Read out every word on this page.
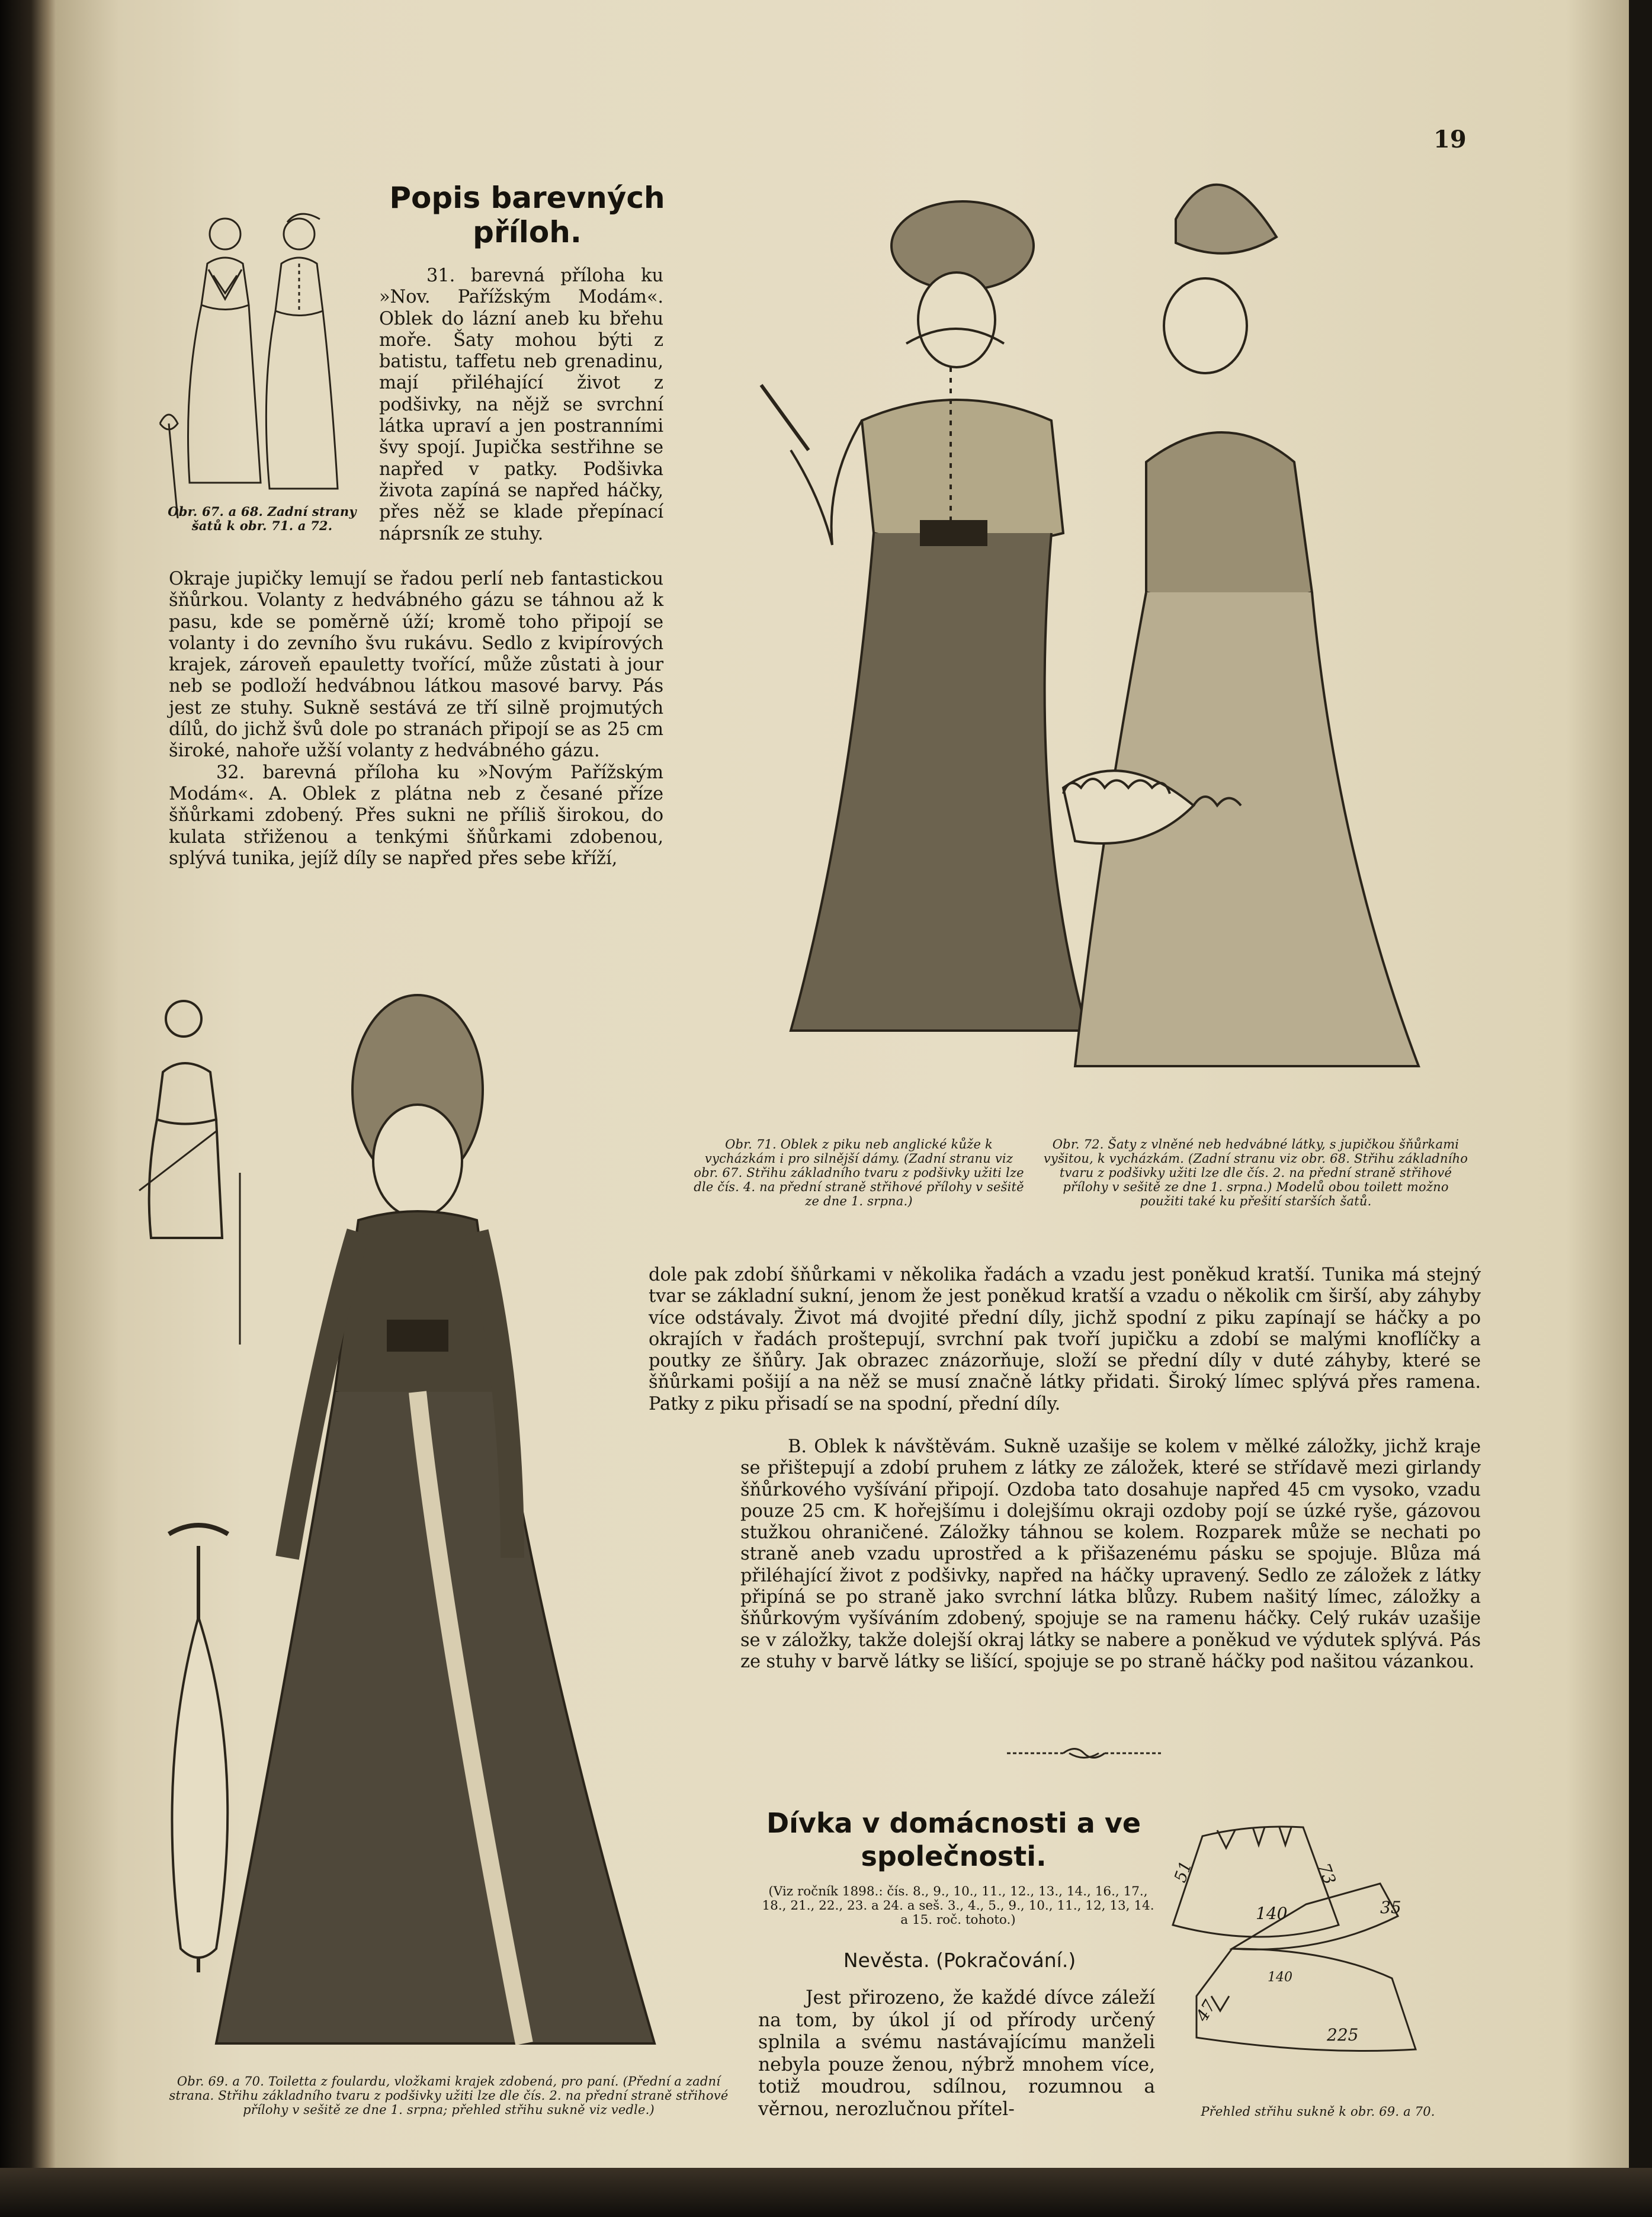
19
Obr. 67. a 68. Zadní strany šatů k obr. 71. a 72.
Popis barevných příloh.

31. barevná příloha ku »Nov. Pařížským Modám«. Oblek do lázní aneb ku břehu moře. Šaty mohou býti z batistu, taffetu neb grenadinu, mají přiléhající život z podšivky, na nějž se svrchní látka upraví a jen postranními švy spojí. Jupička sestřihne se napřed v patky. Podšivka života zapíná se napřed háčky, přes něž se klade přepínací náprsník ze stuhy.

Okraje jupičky lemují se řadou perlí neb fantastickou šňůrkou. Volanty z hedvábného gázu se táhnou až k pasu, kde se poměrně úží; kromě toho připojí se volanty i do zevního švu rukávu. Sedlo z kvipírových krajek, zároveň epauletty tvořící, může zůstati à jour neb se podloží hedvábnou látkou masové barvy. Pás jest ze stuhy. Sukně sestává ze tří silně projmutých dílů, do jichž švů dole po stranách připojí se as 25 cm široké, nahoře užší volanty z hedvábného gázu.

32. barevná příloha ku »Novým Pařížským Modám«. A. Oblek z plátna neb z česané příze šňůrkami zdobený. Přes sukni ne příliš širokou, do kulata střiženou a tenkými šňůrkami zdobenou, splývá tunika, jejíž díly se napřed přes sebe kříží,

Obr. 71. Oblek z piku neb anglické kůže k vycházkám i pro silnější dámy. (Zadní stranu viz obr. 67. Střihu základního tvaru z podšivky užiti lze dle čís. 4. na přední straně střihové přílohy v sešitě ze dne 1. srpna.)
Obr. 72. Šaty z vlněné neb hedvábné látky, s jupičkou šňůrkami vyšitou, k vycházkám. (Zadní stranu viz obr. 68. Střihu základního tvaru z podšivky užiti lze dle čís. 2. na přední straně střihové přílohy v sešitě ze dne 1. srpna.) Modelů obou toilett možno použiti také ku přešití starších šatů.
Obr. 69. a 70. Toiletta z foulardu, vložkami krajek zdobená, pro paní. (Přední a zadní strana. Střihu základního tvaru z podšivky užiti lze dle čís. 2. na přední straně střihové přílohy v sešitě ze dne 1. srpna; přehled střihu sukně viz vedle.)

dole pak zdobí šňůrkami v několika řadách a vzadu jest poněkud kratší. Tunika má stejný tvar se základní sukní, jenom že jest poněkud kratší a vzadu o několik cm širší, aby záhyby více odstávaly. Život má dvojité přední díly, jichž spodní z piku zapínají se háčky a po okrajích v řadách proštepují, svrchní pak tvoří jupičku a zdobí se malými knoflíčky a poutky ze šňůry. Jak obrazec znázorňuje, složí se přední díly v duté záhyby, které se šňůrkami pošijí a na něž se musí značně látky přidati. Široký límec splývá přes ramena. Patky z piku přisadí se na spodní, přední díly.

B. Oblek k návštěvám. Sukně uzašije se kolem v mělké záložky, jichž kraje se přištepují a zdobí pruhem z látky ze záložek, které se střídavě mezi girlandy šňůrkového vyšívání připojí. Ozdoba tato dosahuje napřed 45 cm vysoko, vzadu pouze 25 cm. K hořejšímu i dolejšímu okraji ozdoby pojí se úzké ryše, gázovou stužkou ohraničené. Záložky táhnou se kolem. Rozparek může se nechati po straně aneb vzadu uprostřed a k přišazenému pásku se spojuje. Blůza má přiléhající život z podšivky, napřed na háčky upravený. Sedlo ze záložek z látky připíná se po straně jako svrchní látka blůzy. Rubem našitý límec, záložky a šňůrkovým vyšíváním zdobený, spojuje se na ramenu háčky. Celý rukáv uzašije se v záložky, takže dolejší okraj látky se nabere a poněkud ve výdutek splývá. Pás ze stuhy v barvě látky se lišící, spojuje se po straně háčky pod našitou vázankou.

Dívka v domácnosti a ve společnosti.
(Viz ročník 1898.: čís. 8., 9., 10., 11., 12., 13., 14., 16., 17., 18., 21., 22., 23. a 24. a seš. 3., 4., 5., 9., 10., 11., 12, 13, 14. a 15. roč. tohoto.)
Nevěsta. (Pokračování.)

Jest přirozeno, že každé dívce záleží na tom, by úkol jí od přírody určený splnila a svému nastávajícímu manželi nebyla pouze ženou, nýbrž mnohem více, totiž moudrou, sdílnou, rozumnou a věrnou, nerozlučnou přítel-

51	73
35
140
140
47
225
Přehled střihu sukně k obr. 69. a 70.
